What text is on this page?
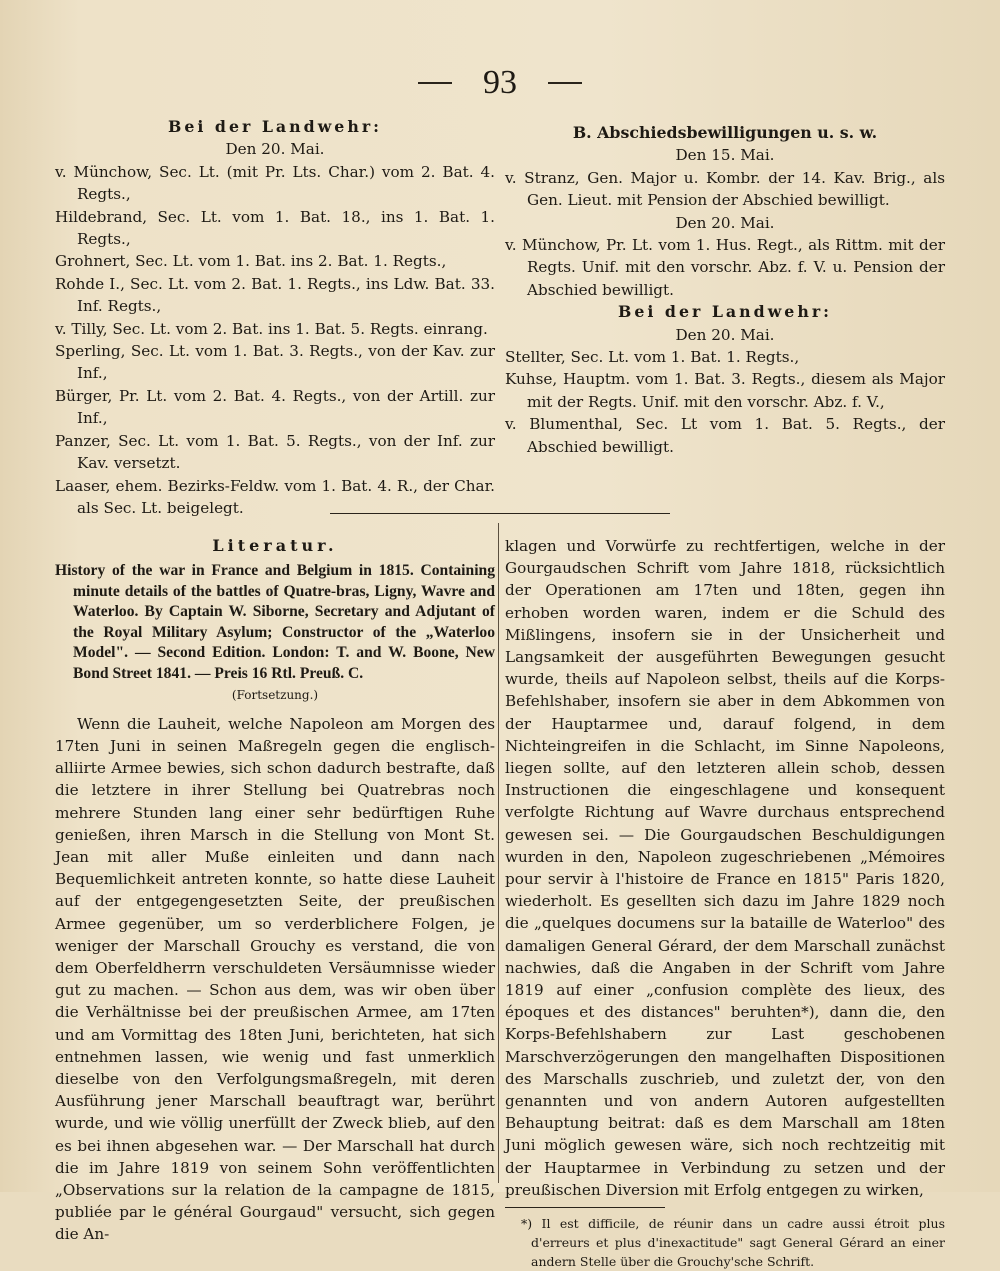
93

Bei der Landwehr:

Den 20. Mai.

v. Münchow, Sec. Lt. (mit Pr. Lts. Char.) vom 2. Bat. 4. Regts.,

Hildebrand, Sec. Lt. vom 1. Bat. 18., ins 1. Bat. 1. Regts.,

Grohnert, Sec. Lt. vom 1. Bat. ins 2. Bat. 1. Regts.,

Rohde I., Sec. Lt. vom 2. Bat. 1. Regts., ins Ldw. Bat. 33. Inf. Regts.,

v. Tilly, Sec. Lt. vom 2. Bat. ins 1. Bat. 5. Regts. einrang.

Sperling, Sec. Lt. vom 1. Bat. 3. Regts., von der Kav. zur Inf.,

Bürger, Pr. Lt. vom 2. Bat. 4. Regts., von der Artill. zur Inf.,

Panzer, Sec. Lt. vom 1. Bat. 5. Regts., von der Inf. zur Kav. versetzt.

Laaser, ehem. Bezirks-Feldw. vom 1. Bat. 4. R., der Char. als Sec. Lt. beigelegt.

B. Abschiedsbewilligungen u. s. w.

Den 15. Mai.

v. Stranz, Gen. Major u. Kombr. der 14. Kav. Brig., als Gen. Lieut. mit Pension der Abschied bewilligt.

Den 20. Mai.

v. Münchow, Pr. Lt. vom 1. Hus. Regt., als Rittm. mit der Regts. Unif. mit den vorschr. Abz. f. V. u. Pension der Abschied bewilligt.

Bei der Landwehr:

Den 20. Mai.

Stellter, Sec. Lt. vom 1. Bat. 1. Regts.,

Kuhse, Hauptm. vom 1. Bat. 3. Regts., diesem als Major mit der Regts. Unif. mit den vorschr. Abz. f. V.,

v. Blumenthal, Sec. Lt vom 1. Bat. 5. Regts., der Abschied bewilligt.

Literatur.

History of the war in France and Belgium in 1815. Containing minute details of the battles of Quatre-bras, Ligny, Wavre and Waterloo. By Captain W. Siborne, Secretary and Adjutant of the Royal Military Asylum; Constructor of the „Waterloo Model". — Second Edition. London: T. and W. Boone, New Bond Street 1841. — Preis 16 Rtl. Preuß. C.

(Fortsetzung.)

Wenn die Lauheit, welche Napoleon am Morgen des 17ten Juni in seinen Maßregeln gegen die englisch-alliirte Armee bewies, sich schon dadurch bestrafte, daß die letztere in ihrer Stellung bei Quatrebras noch mehrere Stunden lang einer sehr bedürftigen Ruhe genießen, ihren Marsch in die Stellung von Mont St. Jean mit aller Muße einleiten und dann nach Bequemlichkeit antreten konnte, so hatte diese Lauheit auf der entgegengesetzten Seite, der preußischen Armee gegenüber, um so verderblichere Folgen, je weniger der Marschall Grouchy es verstand, die von dem Oberfeldherrn verschuldeten Versäumnisse wieder gut zu machen. — Schon aus dem, was wir oben über die Verhältnisse bei der preußischen Armee, am 17ten und am Vormittag des 18ten Juni, berichteten, hat sich entnehmen lassen, wie wenig und fast unmerklich dieselbe von den Verfolgungsmaßregeln, mit deren Ausführung jener Marschall beauftragt war, berührt wurde, und wie völlig unerfüllt der Zweck blieb, auf den es bei ihnen abgesehen war. — Der Marschall hat durch die im Jahre 1819 von seinem Sohn veröffentlichten „Observations sur la relation de la campagne de 1815, publiée par le général Gourgaud" versucht, sich gegen die An-

klagen und Vorwürfe zu rechtfertigen, welche in der Gourgaudschen Schrift vom Jahre 1818, rücksichtlich der Operationen am 17ten und 18ten, gegen ihn erhoben worden waren, indem er die Schuld des Mißlingens, insofern sie in der Unsicherheit und Langsamkeit der ausgeführten Bewegungen gesucht wurde, theils auf Napoleon selbst, theils auf die Korps-Befehlshaber, insofern sie aber in dem Abkommen von der Hauptarmee und, darauf folgend, in dem Nichteingreifen in die Schlacht, im Sinne Napoleons, liegen sollte, auf den letzteren allein schob, dessen Instructionen die eingeschlagene und konsequent verfolgte Richtung auf Wavre durchaus entsprechend gewesen sei. — Die Gourgaudschen Beschuldigungen wurden in den, Napoleon zugeschriebenen „Mémoires pour servir à l'histoire de France en 1815" Paris 1820, wiederholt. Es gesellten sich dazu im Jahre 1829 noch die „quelques documens sur la bataille de Waterloo" des damaligen General Gérard, der dem Marschall zunächst nachwies, daß die Angaben in der Schrift vom Jahre 1819 auf einer „confusion complète des lieux, des époques et des distances" beruhten*), dann die, den Korps-Befehlshabern zur Last geschobenen Marschverzögerungen den mangelhaften Dispositionen des Marschalls zuschrieb, und zuletzt der, von den genannten und von andern Autoren aufgestellten Behauptung beitrat: daß es dem Marschall am 18ten Juni möglich gewesen wäre, sich noch rechtzeitig mit der Hauptarmee in Verbindung zu setzen und der preußischen Diversion mit Erfolg entgegen zu wirken,

*) Il est difficile, de réunir dans un cadre aussi étroit plus d'erreurs et plus d'inexactitude" sagt General Gérard an einer andern Stelle über die Grouchy'sche Schrift.
